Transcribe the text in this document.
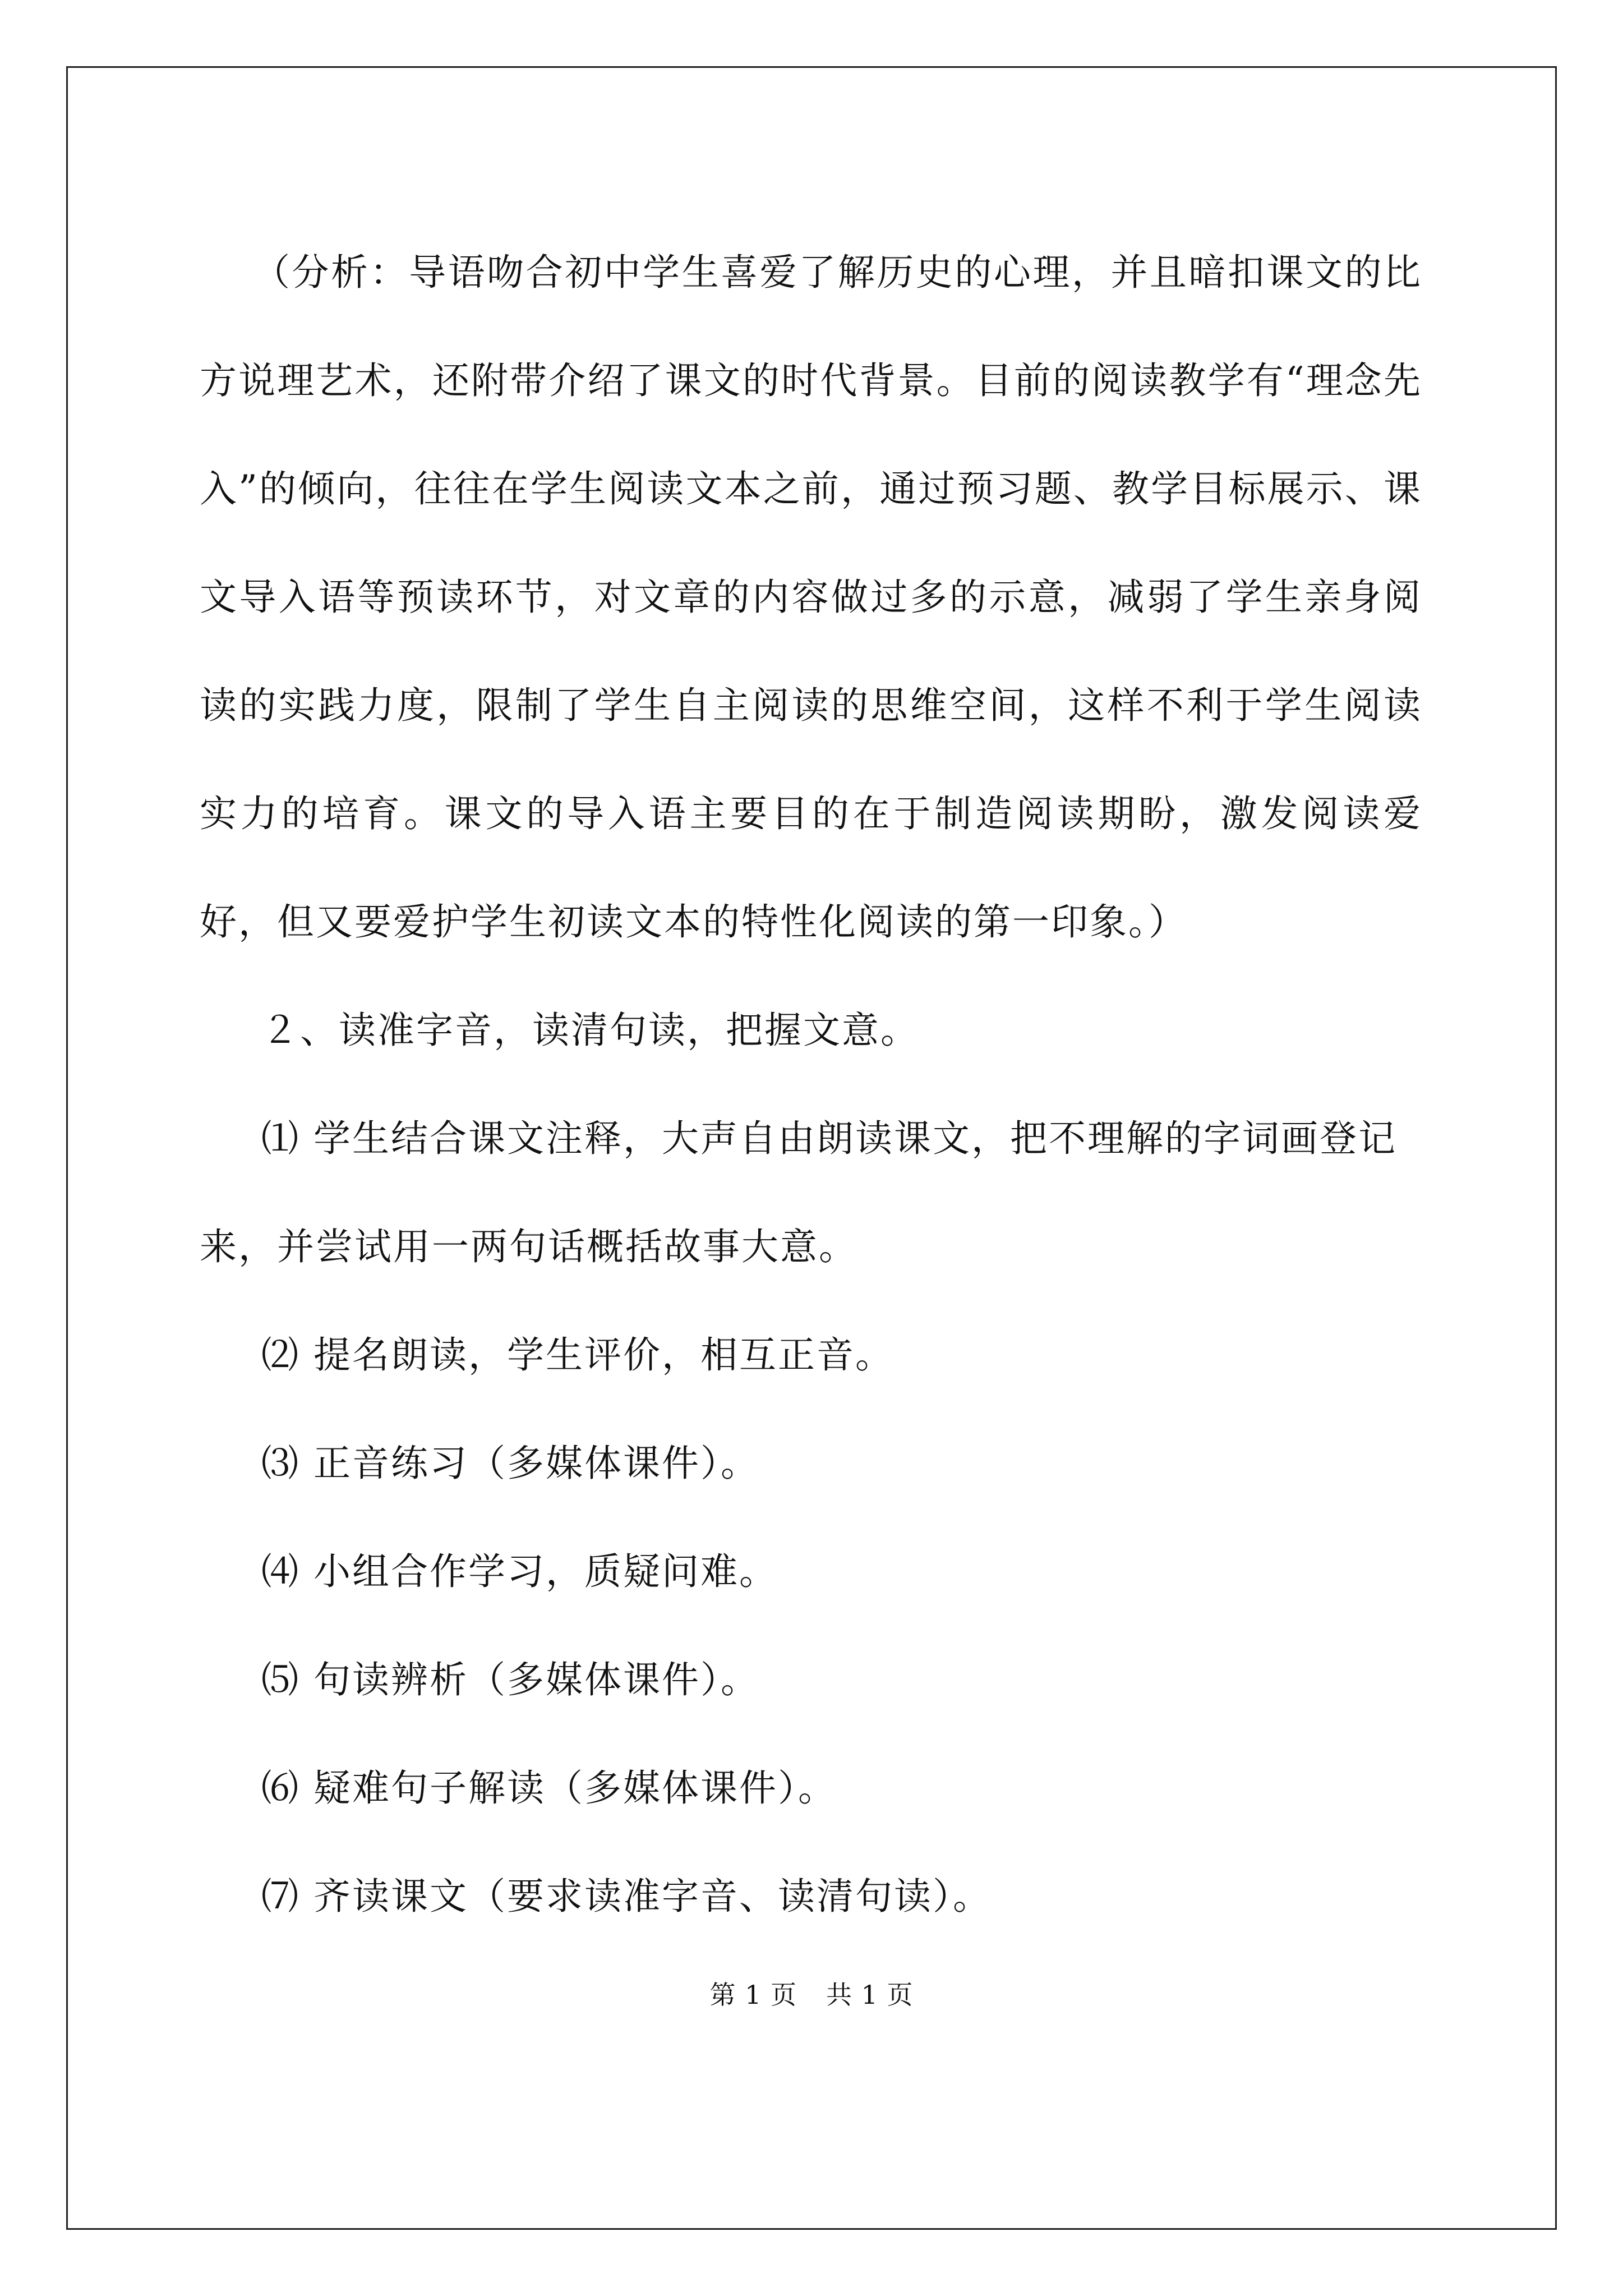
（分析：导语吻合初中学生喜爱了解历史的心理，并且暗扣课文的比方说理艺术，还附带介绍了课文的时代背景。目前的阅读教学有“理念先入”的倾向，往往在学生阅读文本之前，通过预习题、教学目标展示、课文导入语等预读环节，对文章的内容做过多的示意，减弱了学生亲身阅读的实践力度，限制了学生自主阅读的思维空间，这样不利于学生阅读实力的培育。课文的导入语主要目的在于制造阅读期盼，激发阅读爱好，但又要爱护学生初读文本的特性化阅读的第一印象。）

２、读准字音，读清句读，把握文意。

⑴ 学生结合课文注释，大声自由朗读课文，把不理解的字词画登记来，并尝试用一两句话概括故事大意。

⑵ 提名朗读，学生评价，相互正音。

⑶ 正音练习（多媒体课件）。

⑷ 小组合作学习，质疑问难。

⑸ 句读辨析（多媒体课件）。

⑹ 疑难句子解读（多媒体课件）。

⑺ 齐读课文（要求读准字音、读清句读）。

第 1 页 共 1 页
